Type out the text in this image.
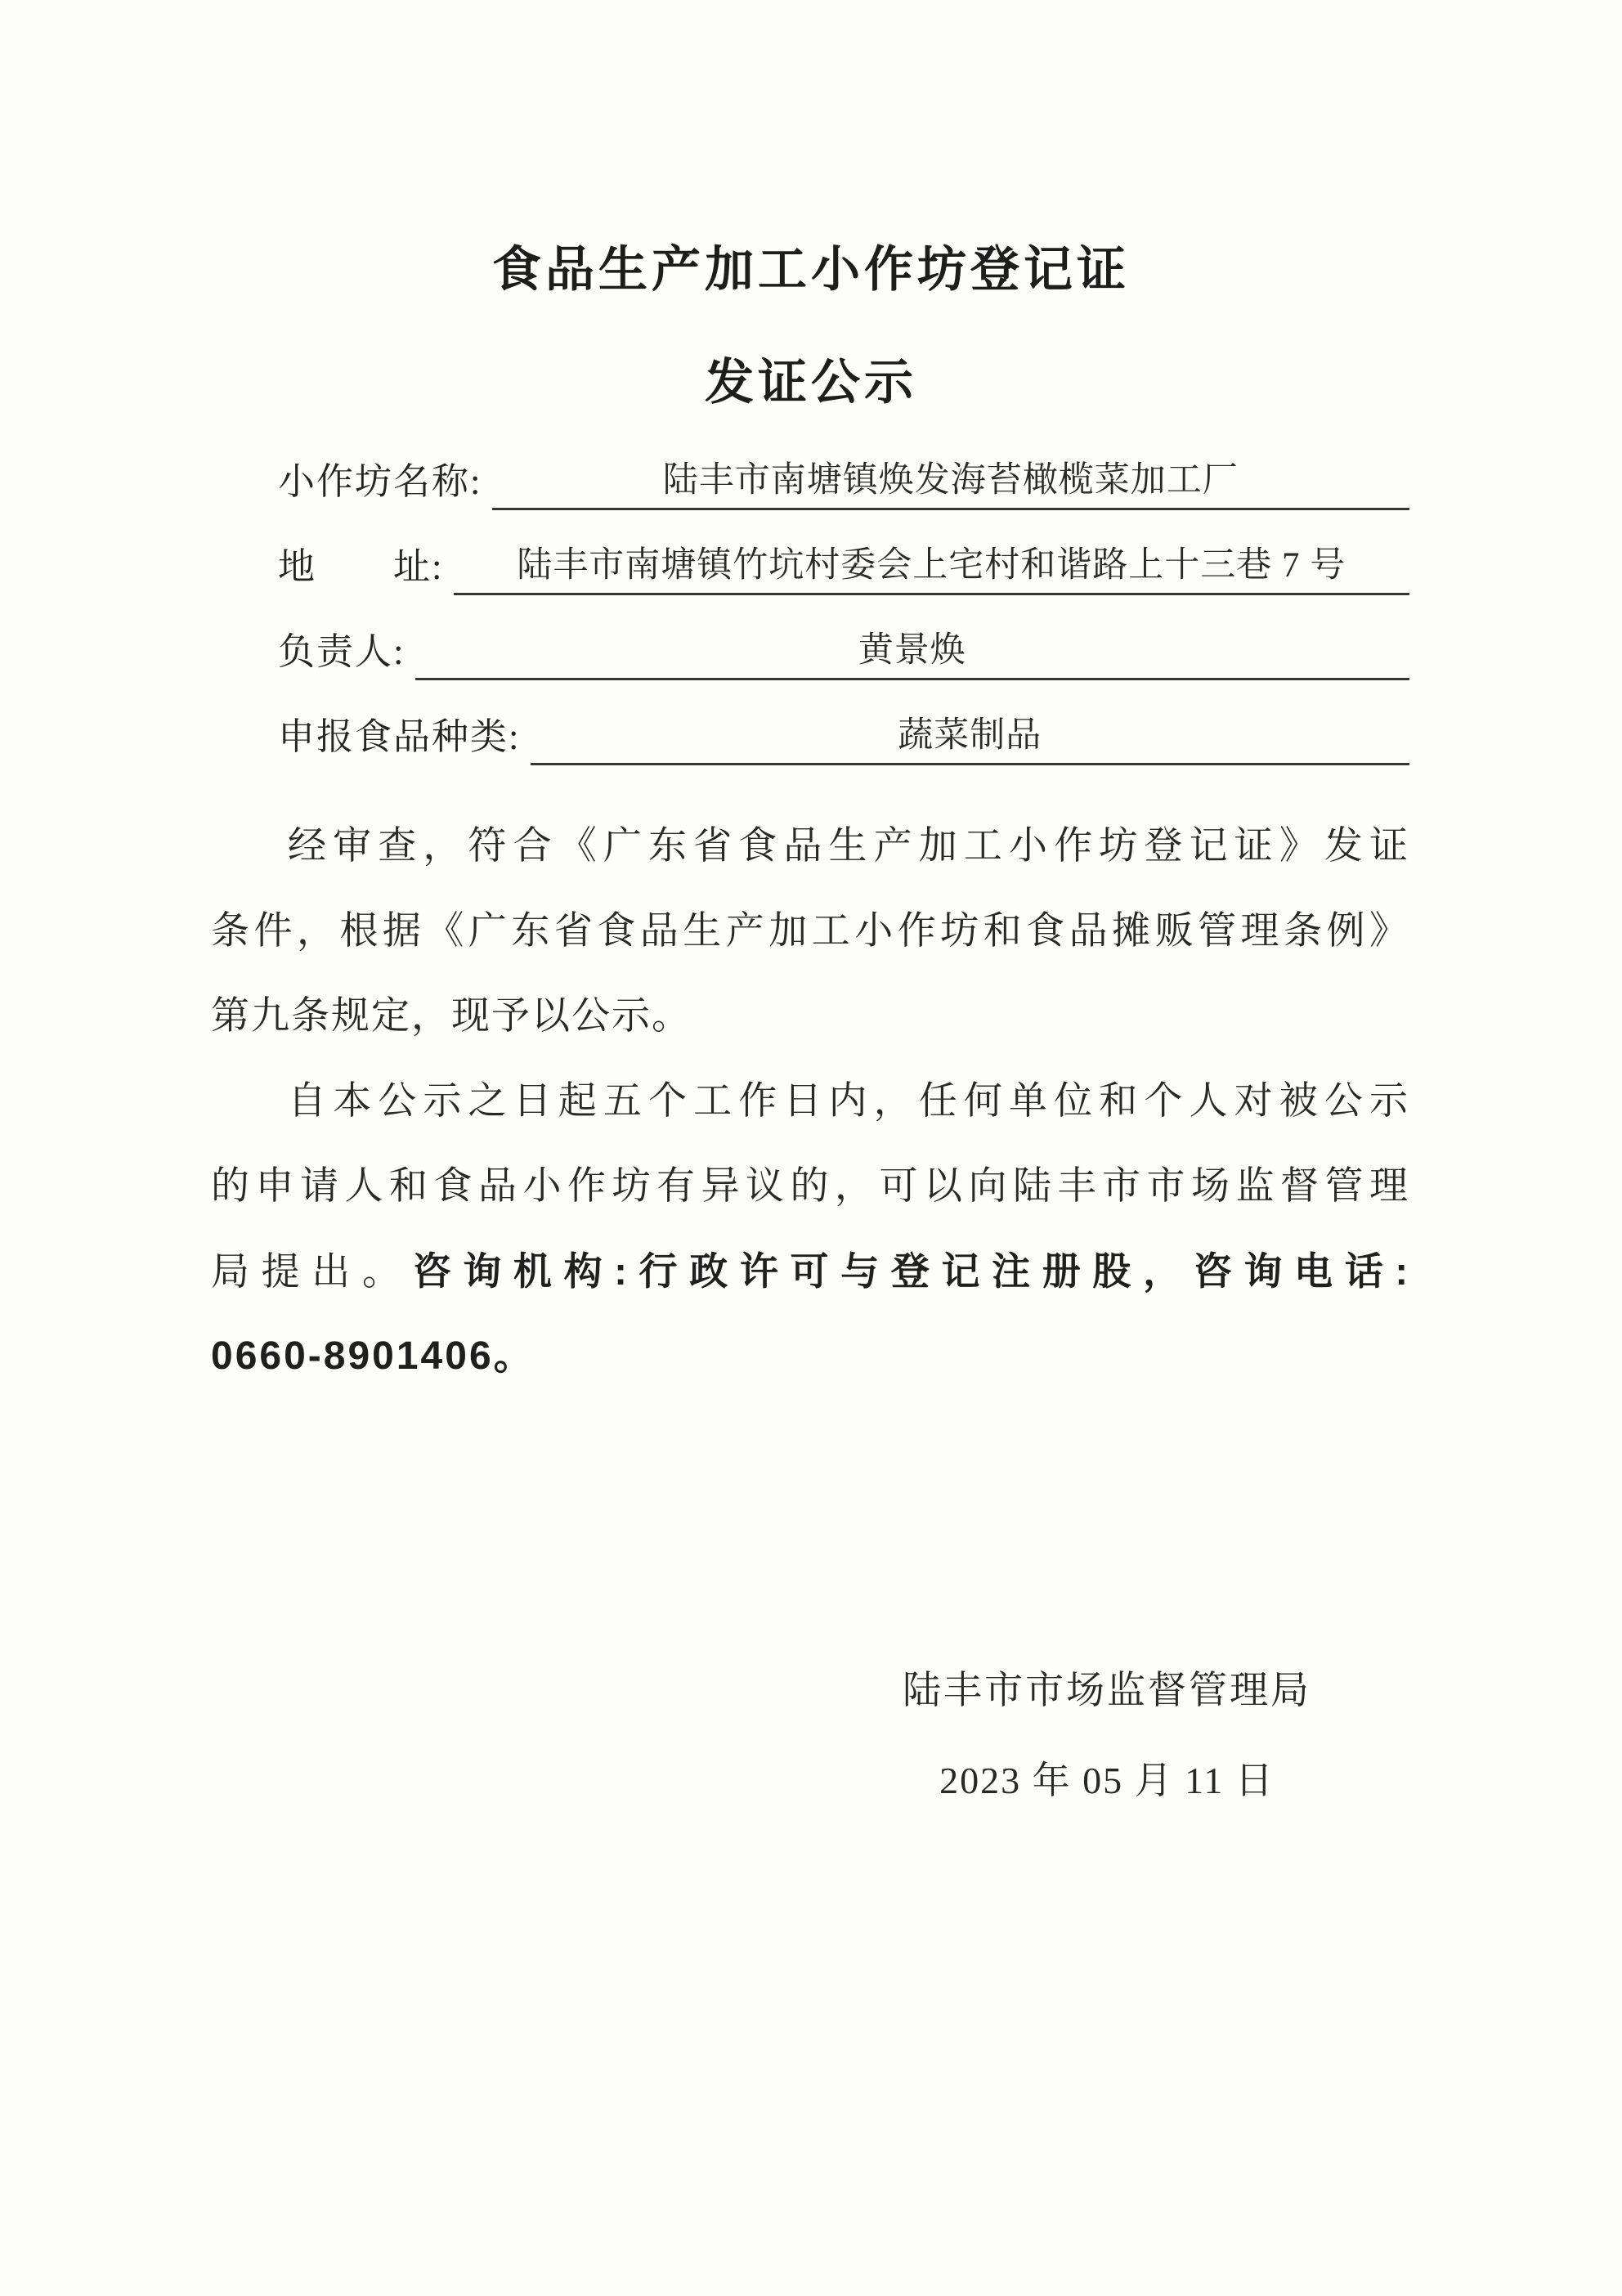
食品生产加工小作坊登记证
发证公示
小作坊名称:	陆丰市南塘镇焕发海苔橄榄菜加工厂
地　　址:	陆丰市南塘镇竹坑村委会上宅村和谐路上十三巷 7 号
负责人:	黄景焕
申报食品种类:	蔬菜制品
经审查，符合《广东省食品生产加工小作坊登记证》发证
条件，根据《广东省食品生产加工小作坊和食品摊贩管理条例》
第九条规定，现予以公示。
自本公示之日起五个工作日内，任何单位和个人对被公示
的申请人和食品小作坊有异议的，可以向陆丰市市场监督管理
局提出。咨询机构:行政许可与登记注册股，咨询电话:
0660-8901406。
陆丰市市场监督管理局
2023 年 05 月 11 日
